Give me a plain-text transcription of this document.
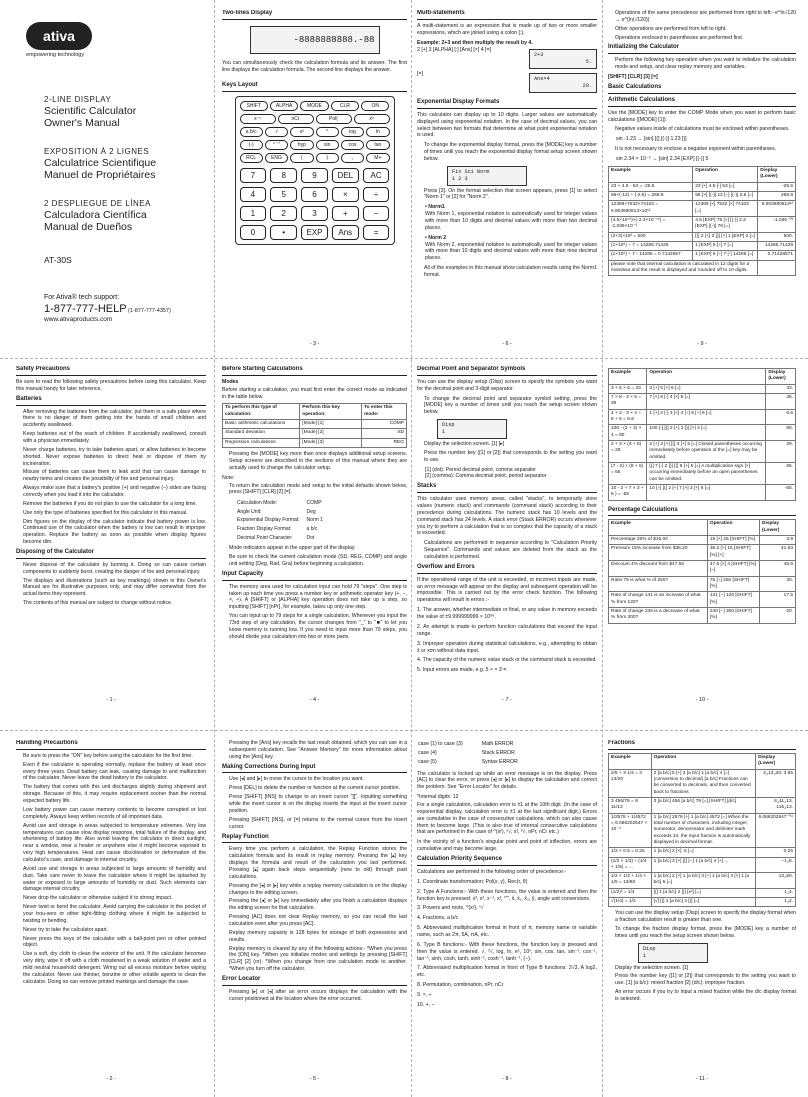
ativa
empowering technology
2-LINE DISPLAY
Scientific Calculator
Owner's Manual
EXPOSITION À 2 LIGNES
Calculatrice Scientifique
Manuel de Propriétaires
2 DESPLIEGUE DE LÍNEA
Calculadora Científica
Manual de Dueños
AT-30S
For Ativa® tech support:
1-877-777-HELP (1-877-777-4357)
www.ativaproducts.com
Two-lines Display
-8888888888.-88

You can simultaneously check the calculation formula and its answer. The first line displays the calculation formula. The second line displays the answer.

Keys Layout
SHIFT	ALPHA	MODE	CLR	ON
x⁻¹	nCr	Pol(	x³
a b/c	√	x²	^	log	ln
(-)	° ' "	hyp	sin	cos	tan
RCL	ENG	(	)	,	M+
7	8	9	DEL	AC
4	5	6	×	÷
1	2	3	+	−
0	•	EXP	Ans	=
- 3 -
Multi-statements

A multi-statement is an expression that is made up of two or more smaller expressions, which are joined using a colon [:].

Example: 2+3 and then multiply the result by 4.

2 [+] 3 [ALPHA] [:] [Ans] [×] 4 [=]
2+3
5.
[=]
Ans×4
20.
Exponential Display Formats

This calculator can display up to 10 digits. Larger values are automatically displayed using exponential notation. In the case of decimal values, you can select between two formats that determine at what point exponential notation is used.

• To change the exponential display format, press the [MODE] key a number of times until you reach the exponential display format setup screen shown below.
Fix Sci Norm
1 2 3
• Press [3]. On the format selection that screen appears, press [1] to select "Norm 1" or [2] for "Norm 2".

• Norm1

With Norm 1, exponential notation is automatically used for integer values with more than 10 digits and decimal values with more than two decimal places.

• Norm 2

With Norm 2, exponential notation is automatically used for integer values with more than 10 digits and decimal values with more than nine decimal places.

• All of the examples in this manual show calculation results using the Norm1 format.
- 6 -
• Operations of the same precedence are performed from right to left:- e^ln√120 → e^{ln(√120)}
• Other operations are performed from left to right.
• Operations enclosed in parentheses are performed first.
Initializing the Calculator
• Perform the following key operation when you want to initialize the calculation mode and setup, and clear replay memory and variables.

[SHIFT] [CLR] [3] [=]

Basic Calculations
Arithmetic Calculations

Use the [MODE] key to enter the COMP Mode when you want to perform basic calculations ([MODE] [1]).

• Negative values inside of calculations must be enclosed within parentheses.

sin -1.23 → [sin] [(] [(-)] 1.23 [)]

• It is not necessary to enclose a negative exponent within parentheses.

sin 2.34 × 10⁻⁵ → [sin] 2.34 [EXP] [(-)] 5

Example	Operation	Display (Lower)
23 + 4.5 - 53 = -25.5	23 [+] 4.5 [-] 53 [=]	-25.5
56×(-12) ÷ (-2.5) = 268.8	56 [×] [(-)] 12 [÷] [(-)] 2.5 [=]	268.8
12369×7532×74103 = 6.903680613×10¹²	12369 [×] 7532 [×] 74103 [=]	6.903680613¹²
(4.5×10⁷⁵)×(-2.3×10⁻⁷⁹) = -1.035×10⁻³	4.5 [EXP] 75 [×] [(-)] 2.3 [EXP] [(-)] 79 [=]	-1.035⁻⁰³
(2+3)×10² = 500	[(] 2 [+] 3 [)] [×] 1 [EXP] 2 [=]	500.
(1×10⁵) ÷ 7 = 14285.71429	1 [EXP] 5 [÷] 7 [=]	14285.71429
(1×10⁵) ÷ 7 - 14285 = 0.7142857	1 [EXP] 5 [÷] 7 [-] 14285 [=]	0.71428571
please note that internal calculation is calculated in 12 digits for a mantissa and the result is displayed and rounded off to 10 digits.		
- 9 -
Safety Precautions

Be sure to read the following safety precautions before using this calculator. Keep this manual handy for later reference.

Batteries
• After removing the batteries from the calculator, put them in a safe place where there is no danger of them getting into the hands of small children and accidently swallowed.
• Keep batteries out of the reach of children. If accidentally swallowed, consult with a physician immediately.
• Never charge batteries, try to take batteries apart, or allow batteries to become shorted. Never expose batteries to direct heat or dispose of them by incineration.
• Misuse of batteries can cause them to leak acid that can cause damage to nearby items and creates the possibility of fire and personal injury.
• Always make sure that a battery's positive (+) and negative (–) sides are facing correctly when you load it into the calculator.
• Remove the batteries if you do not plan to use the calculator for a long time.
• Use only the type of batteries specified for this calculator in this manual.
• Dim figures on the display of the calculator indicate that battery power is low. Continued use of the calculator when the battery is low can result in improper operation. Replace the battery as soon as possible when display figures become dim.
Disposing of the Calculator
• Never dispose of the calculator by burning it. Doing so can cause certain components to suddenly burst, creating the danger of fire and personal injury.
• The displays and illustrations (such as key markings) shown in this Owner's Manual are for illustrative purposes only, and may differ somewhat from the actual items they represent.
• The contents of this manual are subject to change without notice.
- 1 -
Before Starting Calculations

Modes

Before starting a calculation, you must first enter the correct mode as indicated in the table below.

To perform this type of calculation:	Perform this key operation:	To enter this mode:
Basic arithmetic calculations	[Mode] [1]	COMP
Standard deviation	[Mode] [2]	SD
Regression calculations	[Mode] [3]	REG
• Pressing the [MODE] key more than once displays additional setup screens. Setup screens are described in the sections of this manual where they are actually used to change the calculator setup.

Note:

• To return the calculation mode and setup to the initial defaults shown below, press [SHIFT] [CLR] [2] [=].
Calculation Mode:	COMP
Angle Unit:	Deg
Exponential Display Format:	Norm 1
Fraction Display Format:	a b/c
Decimal Point Character:	Dot
• Mode indicators appear in the upper part of the display.
• Be sure to check the current calculation mode (SD, REG, COMP) and angle unit setting (Deg, Rad, Gra) before beginning a calculation.
Input Capacity
• The memory area used for calculation input can hold 79 "steps". One step is taken up each time you press a number key or arithmetic operator key (+, −, ×, ÷). A [SHIFT] or [ALPHA] key operation does not take up a step, so inputting [SHIFT] [nPr], for example, takes up only one step.
• You can input up to 79 steps for a single calculation. Whenever you input the 73rd step of any calculation, the cursor changes from "_" to "■" to let you know memory is running low. If you need to input more than 79 steps, you should divide your calculation into two or more parts.
- 4 -
Decimal Point and Separator Symbols

You can use the display setup (Disp) screen to specify the symbols you want for the decimal point and 3-digit separator.

• To change the decimal point and separator symbol setting, press the [MODE] key a number of times until you reach the setup screen shown below.
Disp
1
• Display the selection screen. [1] [▸]
• Press the number key ([1] or [2]) that corresponds to the setting you want to use.

[1] (dot): Period decimal point, comma separator

[2] (comma): Comma decimal point, period separator

Stacks

This calculator uses memory areas, called "stacks", to temporarily store values (numeric stack) and commands (command stack) according to their precedence during calculations. The numeric stack has 10 levels and the command stack has 24 levels. A stack error (Stack ERROR) occurs whenever you try to perform a calculation that is so complex that the capacity of a stack is exceeded.

• Calculations are performed in sequence according to "Calculation Priority Sequence". Commands and values are deleted from the stack as the calculation is performed.
Overflow and Errors

If the operational range of the unit is exceeded, or incorrect inputs are made, an error message will appear on the display and subsequent operation will be impossible. This is carried out by the error check function. The following operations will result in errors :-

1. The answer, whether intermediate or final, or any value in memory exceeds the value of ±9.999999999 × 10⁹⁹.

2. An attempt is made to perform function calculations that exceed the input range.

3. Improper operation during statistical calculations, e.g., attempting to obtain x̄ or xσn without data input.

4. The capacity of the numeric value stack or the command stack is exceeded.

5. Input errors are made, e.g. 5 × × 3 =.

- 7 -
Example	Operation	Display (Lower)
3 + 5 × 6 = 33	3 [+] 5 [×] 6 [=]	33.
7 × 8 - 4 × 5 = 36	7 [×] 8 [-] 4 [×] 5 [=]	36.
1 + 2 - 3 × 4 ÷ 5 + 6 = 6.6	1 [+] 2 [-] 3 [×] 4 [÷] 5 [+] 6 [=]	6.6
100 - (2 + 3) × 4 = 80	100 [-] [(] 2 [+] 3 [)] [×] 4 [=]	80.
2 + 3 × (4 + 5) = 29	2 [+] 3 [×] [(] 4 [+] 5 [=] Closed parentheses occurring immediately before operation of the [=] key may be omitted.	29.
(7 - 2) × (8 + 5) = 65	[(] 7 [-] 2 [)] [(] 8 [+] 5 [=] A multiplication sign [×] occurring immediately before an open parentheses can be omitted.	65.
10 - 2 + 7 × 3 + 6 ) = -55	10 [÷] [(] 2 [+] 7 [×] 3 [+] 6 [=]	-55.
Percentage Calculations
Example	Operation	Display (Lower)
Percentage 26% of $15.00	15 [×] 26 [SHIFT] [%]	3.9
Premium 15% increase from $36.20	36.2 [×] 15 [SHIFT] [%] [+]	41.63
Discount 4% discount from $47.50	47.5 [×] 4 [SHIFT] [%] [−]	45.6
Ratio 75 is what % of 250?	75 [÷] 250 [SHIFT] [%]	30.
Rate of change 141 is an increase of what % from 120?	141 [−] 120 [SHIFT] [%]	17.5
Rate of change 240 is a decrease of what % from 300?	240 [−] 300 [SHIFT] [%]	-20.
- 10 -
Handling Precautions
• Be sure to press the "ON" key before using the calculator for the first time.
• Even if the calculator is operating normally, replace the battery at least once every three years. Dead battery can leak, causing damage to and malfunction of the calculator. Never leave the dead battery in the calculator.
• The battery that comes with this unit discharges slightly during shipment and storage. Because of this, it may require replacement sooner than the normal expected battery life.
• Low battery power can cause memory contents to become corrupted or lost completely. Always keep written records of all important data.
• Avoid use and storage in areas subjected to temperature extremes. Very low temperatures can cause slow display response, total failure of the display, and shortening of battery life. Also avoid leaving the calculator in direct sunlight, near a window, near a heater or anywhere else it might become exposed to very high temperatures. Heat can cause discoloration or deformation of the calculator's case, and damage to internal circuitry.
• Avoid use and storage in areas subjected to large amounts of humidity and dust. Take care never to leave the calculator where it might be splashed by water or exposed to large amounts of humidity or dust. Such elements can damage internal circuitry.
• Never drop the calculator or otherwise subject it to strong impact.
• Never twist or bend the calculator. Avoid carrying the calculator in the pocket of your trou-sers or other tight-fitting clothing where it might be subjected to twisting or bending.
• Never try to take the calculator apart.
• Never press the keys of the calculator with a ball-point pen or other pointed object.
• Use a soft, dry cloth to clean the exterior of the unit. If the calculator becomes very dirty, wipe it off with a cloth moistened in a weak solution of water and a mild neutral household detergent. Wring out all excess moisture before wiping the calculator. Never use thinner, benzine or other volatile agents to clean the calculator. Doing so can remove printed markings and damage the case.
- 2 -
• Pressing the [Ans] key recalls the last result obtained, which you can use in a subsequent calculation. See "Answer Memory" for more information about using the [Ans] key.
Making Corrections During Input
• Use [◂] and [▸] to move the cursor to the location you want.
• Press [DEL] to delete the number or function at the current cursor position.
• Press [SHIFT] [INS] to change to an insert cursor "[]". Inputting something while the insert cursor is on the display inserts the input at the insert cursor position.
• Pressing [SHIFT] [INS], or [=] returns to the normal cursor from the insert cursor.
Replay Function
• Every time you perform a calculation, the Replay Function stores the calculation formula and its result in replay memory. Pressing the [▴] key displays the formula and result of the calculation you last performed. Pressing [▴] again back steps sequentially (new to old) through past calculations.
• Pressing the [◂] or [▸] key while a replay memory calculation is on the display changes to the editing screen.
• Pressing the [◂] or [▸] key immediately after you finish a calculation displays the editing screen for that calculation.
• Pressing [AC] does not clear Replay memory, so you can recall the last calculation even after you press [AC].
• Replay memory capacity is 128 bytes for storage of both expressions and results.
• Replay memory is cleared by any of the following actions:- *When you press the [ON] key. *When you initialize modes and settings by pressing [SHIFT] [CLR] [2] (or). *When you change from one calculation mode to another. *When you turn off the calculator.
Error Locator
• Pressing [▸] or [◂] after an error occurs displays the calculation with the cursor positioned at the location where the error occurred.
- 5 -
case (1) to case (3)	Math ERROR
case (4)	Stack ERROR
case (5)	Syntax ERROR

The calculator is locked up while an error message is on the display. Press [AC] to clear the error, or press [◂] or [▸] to display the calculation and correct the problem. See "Error Locator" for details.

*Internal digits: 12

For a single calculation, calculation error is ±1 at the 10th digit. (In the case of exponential display, calculation error is ±1 at the last significant digit.) Errors are cumulative in the case of consecutive calculations, which can also cause them to become large. (This is also true of internal consecutive calculations that are performed in the case of ^(xʸ), ˣ√, x!, ³√, nPr, nCr etc.)

In the vicinity of a function's singular point and point of inflection, errors are cumulative and may become large.

Calculation Priority Sequence

Calculations are performed in the following order of precedence:-

1. Coordinate transformation: Pol(x, y), Rec(r, θ)

2. Type A Functions:- With these functions, the value is entered and then the function key is pressed: x³, x², x⁻¹, x!, °'", x̂, x̂₁, x̂₂, ŷ, angle unit conversions.

3. Powers and roots, ^(xʸ), ˣ√

4. Fractions, a b/c

5. Abbreviated multiplication format in front of π, memory name or variable name, such as 2π, 5A, πA, etc.

6. Type B functions:- With these functions, the function key is pressed and then the value is entered. √, ³√, log, ln, eˣ, 10ˣ, sin, cos, tan, sin⁻¹, cos⁻¹, tan⁻¹, sinh, cosh, tanh, sinh⁻¹, cosh⁻¹, tanh⁻¹, (−).

7. Abbreviated multiplication format in front of Type B functions: 2√3, A log2, etc.

8. Permutation, combination, nPr, nCr

9. ×, ÷

10. +, −

- 8 -
Fractions
Example	Operation	Display (Lower)
2/5 + 3 1/4 = 3 13/20	2 [a b/c] 5 [+] 3 [a b/c] 1 [a b/c] 4 [=] (conversion to decimal) [a b/c] Fractions can be converted to decimals, and then converted back to fractions.	3⌟13⌟20. 3.65
3 456/78 = 8 11/13	3 [a b/c] 456 [a b/c] 78 [=] [SHIFT] [d/c]	8⌟11⌟13. 115⌟13.
1/2578 + 1/4572 = 6.066202547 × 10⁻⁴	1 [a b/c] 2578 [+] 1 [a b/c] 4572 [=] When the total number of characters, including integer, numerator, denominator and delimiter mark exceeds 10, the input fraction is automatically displayed in decimal format.	6.066202547⁻⁰⁴
1/2 × 0.5 = 0.25	1 [a b/c] 2 [×] .5 [=]	0.25
(1/2 × 1/3) ÷ (1/4 × 1/5) = ...	1 [a b/c] 3 [×] [(] [−] 1 [a b/c] 4 [+] ...	−1⌟6.
1/2 × 1/3 + 1/4 × 1/5 = 13/60	1 [a b/c] 2 [×] 1 [a b/c] 3 [+] 1 [a b/c] 4 [×] 1 [a b/c] 5 [=]	13⌟60.
(1/2)² = 1/4	[(] 1 [a b/c] 2 [)] [x²] [=]	1⌟4.
√(1/4) = 1/2	[√] [(] 1 [a b/c] 4 [)] [=]	1⌟2.
• You can use the display setup (Disp) screen to specify the display format when a fraction calculation result is greater than one.
• To change the fraction display format, press the [MODE] key a number of times until you reach the setup screen shown below.
Disp
1
• Display the selection screen. [1]
• Press the number key ([1] or [2]) that corresponds to the setting you want to use. [1] (a b/c): mixed fraction [2] (d/c): improper fraction.
• An error occurs if you try to input a mixed fraction while the d/c display format is selected.
- 11 -
